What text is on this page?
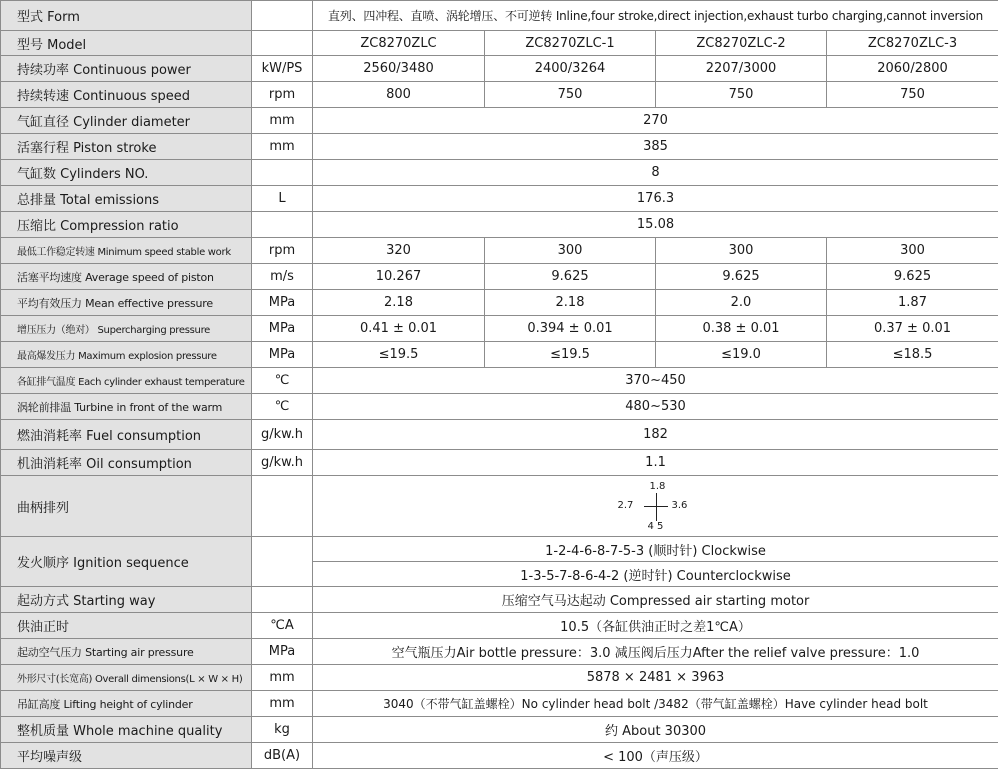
型式 Form		直列、四冲程、直喷、涡轮增压、不可逆转 Inline,four stroke,direct injection,exhaust turbo charging,cannot inversion			
型号 Model		ZC8270ZLC	ZC8270ZLC-1	ZC8270ZLC-2	ZC8270ZLC-3
持续功率 Continuous power	kW/PS	2560/3480	2400/3264	2207/3000	2060/2800
持续转速 Continuous speed	rpm	800	750	750	750
气缸直径 Cylinder diameter	mm	270			
活塞行程 Piston stroke	mm	385			
气缸数 Cylinders NO.		8			
总排量 Total emissions	L	176.3			
压缩比 Compression ratio		15.08			
最低工作稳定转速 Minimum speed stable work	rpm	320	300	300	300
活塞平均速度 Average speed of piston	m/s	10.267	9.625	9.625	9.625
平均有效压力 Mean effective pressure	MPa	2.18	2.18	2.0	1.87
增压压力（绝对） Supercharging pressure	MPa	0.41 ± 0.01	0.394 ± 0.01	0.38 ± 0.01	0.37 ± 0.01
最高爆发压力 Maximum explosion pressure	MPa	≤19.5	≤19.5	≤19.0	≤18.5
各缸排气温度 Each cylinder exhaust temperature	℃	370~450			
涡轮前排温 Turbine in front of the warm	℃	480~530			
燃油消耗率 Fuel consumption	g/kw.h	182			
机油消耗率 Oil consumption	g/kw.h	1.1			
曲柄排列		1.8
2.7 3.6
4 5			

发火顺序 Ignition sequence		1-2-4-6-8-7-5-3 (顺时针) Clockwise			
		1-3-5-7-8-6-4-2 (逆时针) Counterclockwise			
起动方式 Starting way		压缩空气马达起动 Compressed air starting motor			
供油正时	℃A	10.5（各缸供油正时之差1℃A）			
起动空气压力 Starting air pressure	MPa	空气瓶压力Air bottle pressure：3.0 减压阀后压力After the relief valve pressure：1.0			
外形尺寸(长宽高) Overall dimensions(L × W × H)	mm	5878 × 2481 × 3963			
吊缸高度 Lifting height of cylinder	mm	3040（不带气缸盖螺栓）No cylinder head bolt /3482（带气缸盖螺栓）Have cylinder head bolt			
整机质量 Whole machine quality	kg	约 About 30300			
平均噪声级	dB(A)	< 100（声压级）			
